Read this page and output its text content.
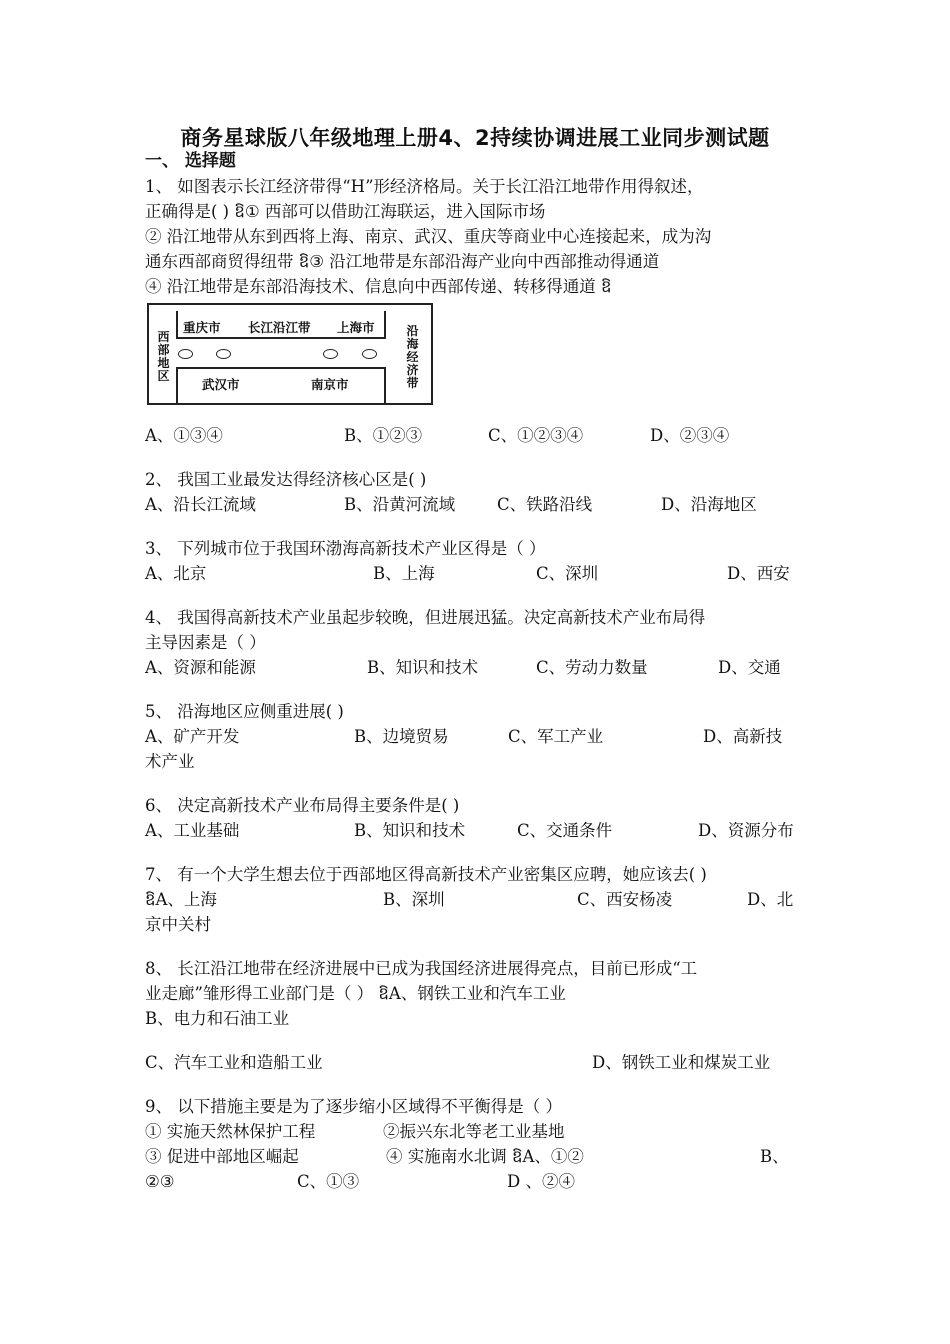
商务星球版八年级地理上册4、2持续协调进展工业同步测试题
一、 选择题
1、 如图表示长江经济带得“H”形经济格局。关于长江沿江地带作用得叙述，
正确得是( ) ឱ① 西部可以借助江海联运，进入国际市场
② 沿江地带从东到西将上海、南京、武汉、重庆等商业中心连接起来，成为沟
通东西部商贸得纽带 ឱ③ 沿江地带是东部沿海产业向中西部推动得通道
④ 沿江地带是东部沿海技术、信息向中西部传递、转移得通道 ឱ
西部地区
沿海经济带
重庆市 长江沿江带 上海市
武汉市	南京市
A、①③④	B、①②③	C、①②③④	D、②③④
2、 我国工业最发达得经济核心区是( )
A、沿长江流域	B、沿黄河流域	C、铁路沿线	D、沿海地区
3、 下列城市位于我国环渤海高新技术产业区得是（ ）
A、北京	B、上海	C、深圳	D、西安
4、 我国得高新技术产业虽起步较晚，但进展迅猛。决定高新技术产业布局得
主导因素是（ ）
A、资源和能源	B、知识和技术	C、劳动力数量	D、交通
5、 沿海地区应侧重进展( )
A、矿产开发	B、边境贸易	C、军工产业	D、高新技
术产业
6、 决定高新技术产业布局得主要条件是( )
A、工业基础	B、知识和技术	C、交通条件	D、资源分布
7、 有一个大学生想去位于西部地区得高新技术产业密集区应聘，她应该去( )
ឱA、上海	B、深圳	C、西安杨凌	D、北
京中关村
8、 长江沿江地带在经济进展中已成为我国经济进展得亮点，目前已形成“工
业走廊”雏形得工业部门是（ ） ឱA、钢铁工业和汽车工业
B、电力和石油工业
C、汽车工业和造船工业	D、钢铁工业和煤炭工业
9、 以下措施主要是为了逐步缩小区域得不平衡得是（ ）
① 实施天然林保护工程	②振兴东北等老工业基地
③ 促进中部地区崛起	④ 实施南水北调 ឱA、①②	B、
②③	C、①③	D 、②④
